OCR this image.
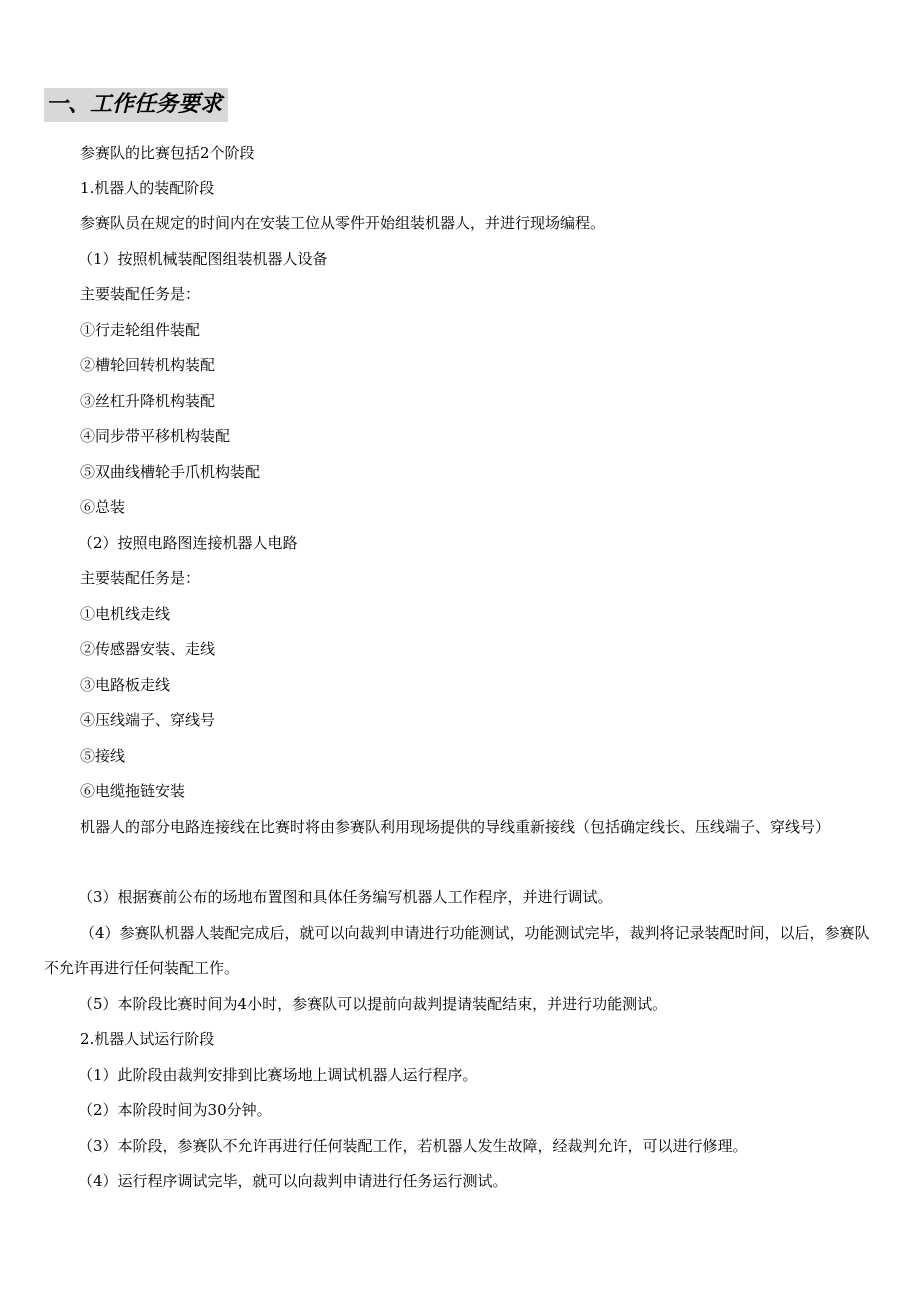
一、工作任务要求
参赛队的比赛包括2个阶段
1.机器人的装配阶段
参赛队员在规定的时间内在安装工位从零件开始组装机器人，并进行现场编程。
（1）按照机械装配图组装机器人设备
主要装配任务是：
①行走轮组件装配
②槽轮回转机构装配
③丝杠升降机构装配
④同步带平移机构装配
⑤双曲线槽轮手爪机构装配
⑥总装
（2）按照电路图连接机器人电路
主要装配任务是：
①电机线走线
②传感器安装、走线
③电路板走线
④压线端子、穿线号
⑤接线
⑥电缆拖链安装
机器人的部分电路连接线在比赛时将由参赛队利用现场提供的导线重新接线（包括确定线长、压线端子、穿线号）
（3）根据赛前公布的场地布置图和具体任务编写机器人工作程序，并进行调试。
（4）参赛队机器人装配完成后，就可以向裁判申请进行功能测试，功能测试完毕，裁判将记录装配时间，以后，参赛队不允许再进行任何装配工作。
（5）本阶段比赛时间为4小时，参赛队可以提前向裁判提请装配结束，并进行功能测试。
2.机器人试运行阶段
（1）此阶段由裁判安排到比赛场地上调试机器人运行程序。
（2）本阶段时间为30分钟。
（3）本阶段，参赛队不允许再进行任何装配工作，若机器人发生故障，经裁判允许，可以进行修理。
（4）运行程序调试完毕，就可以向裁判申请进行任务运行测试。
